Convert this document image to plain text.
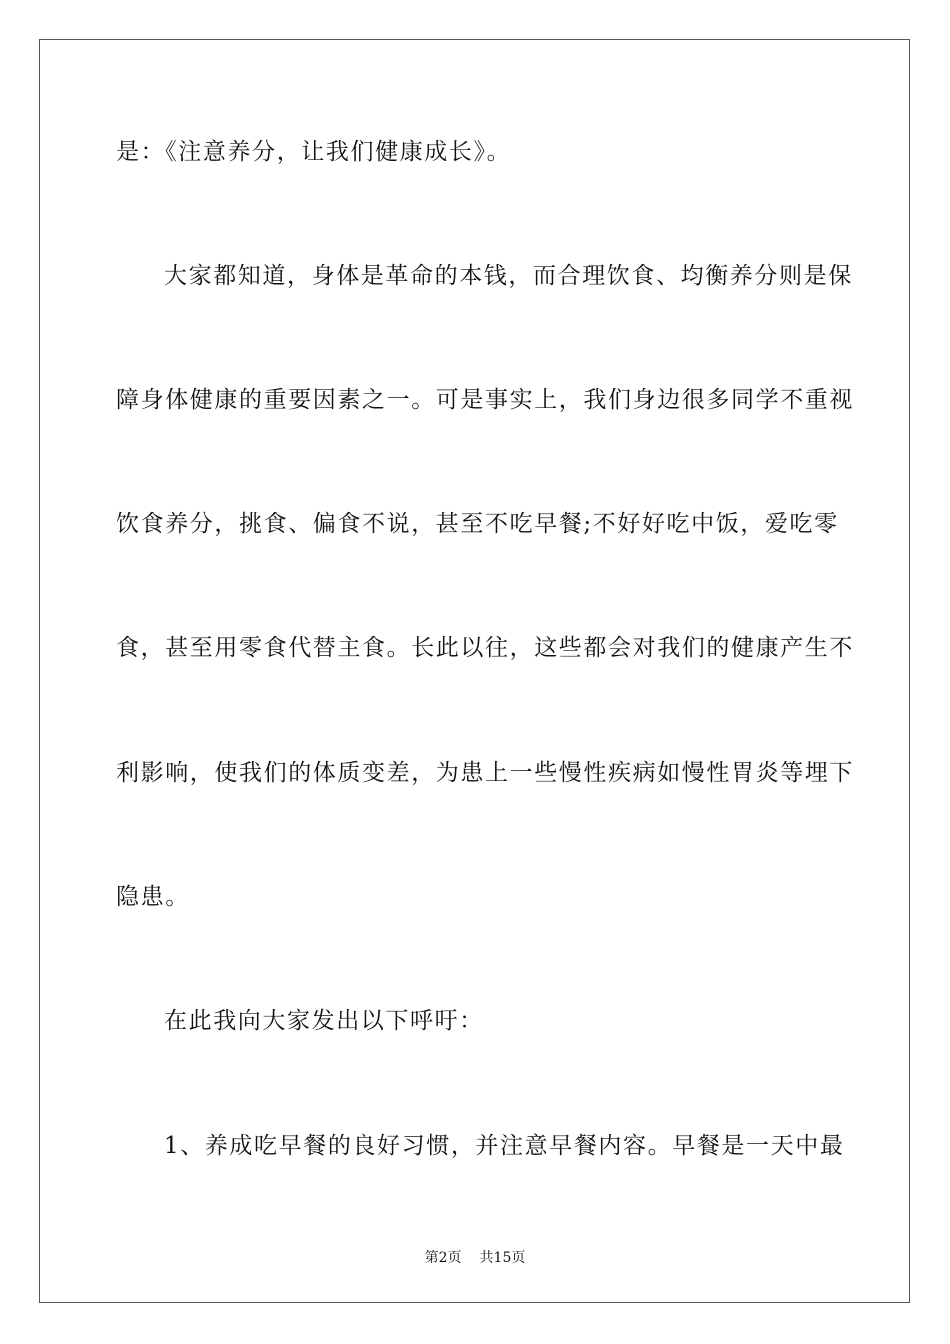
是：《注意养分，让我们健康成长》。
大家都知道，身体是革命的本钱，而合理饮食、均衡养分则是保
障身体健康的重要因素之一。可是事实上，我们身边很多同学不重视
饮食养分，挑食、偏食不说，甚至不吃早餐;不好好吃中饭，爱吃零
食，甚至用零食代替主食。长此以往，这些都会对我们的健康产生不
利影响，使我们的体质变差，为患上一些慢性疾病如慢性胃炎等埋下
隐患。
在此我向大家发出以下呼吁：
1、养成吃早餐的良好习惯，并注意早餐内容。早餐是一天中最
第2页 共15页
